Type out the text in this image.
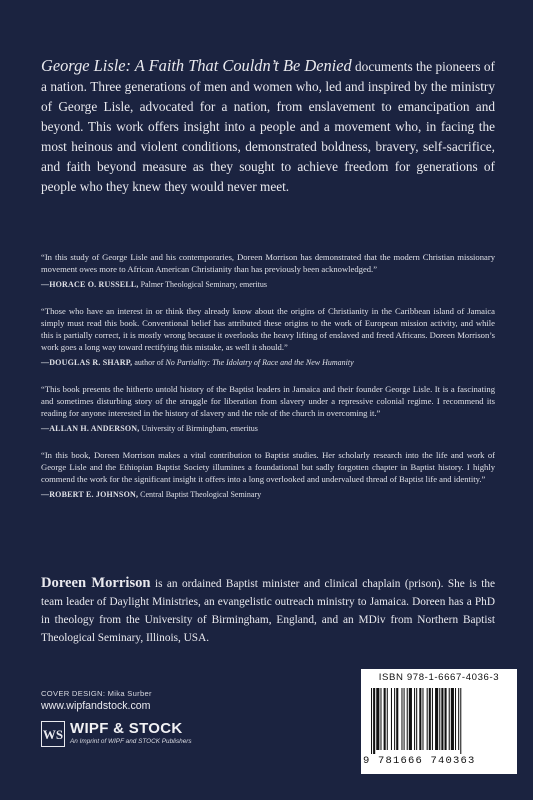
George Lisle: A Faith That Couldn’t Be Denied documents the pioneers of a nation. Three generations of men and women who, led and inspired by the ministry of George Lisle, advocated for a nation, from enslavement to emancipation and beyond. This work offers insight into a people and a movement who, in facing the most heinous and violent conditions, demonstrated boldness, bravery, self-sacrifice, and faith beyond measure as they sought to achieve freedom for generations of people who they knew they would never meet.
“In this study of George Lisle and his contemporaries, Doreen Morrison has demonstrated that the modern Christian missionary movement owes more to African American Christianity than has previously been acknowledged.”
—HORACE O. RUSSELL, Palmer Theological Seminary, emeritus
“Those who have an interest in or think they already know about the origins of Christianity in the Caribbean island of Jamaica simply must read this book. Conventional belief has attributed these origins to the work of European mission activity, and while this is partially correct, it is mostly wrong because it overlooks the heavy lifting of enslaved and freed Africans. Doreen Morrison’s work goes a long way toward rectifying this mistake, as well it should.”
—DOUGLAS R. SHARP, author of No Partiality: The Idolatry of Race and the New Humanity
“This book presents the hitherto untold history of the Baptist leaders in Jamaica and their founder George Lisle. It is a fascinating and sometimes disturbing story of the struggle for liberation from slavery under a repressive colonial regime. I recommend its reading for anyone interested in the history of slavery and the role of the church in overcoming it.”
—ALLAN H. ANDERSON, University of Birmingham, emeritus
“In this book, Doreen Morrison makes a vital contribution to Baptist studies. Her scholarly research into the life and work of George Lisle and the Ethiopian Baptist Society illumines a foundational but sadly forgotten chapter in Baptist history. I highly commend the work for the significant insight it offers into a long overlooked and undervalued thread of Baptist life and identity.”
—ROBERT E. JOHNSON, Central Baptist Theological Seminary
Doreen Morrison is an ordained Baptist minister and clinical chaplain (prison). She is the team leader of Daylight Ministries, an evangelistic outreach ministry to Jamaica. Doreen has a PhD in theology from the University of Birmingham, England, and an MDiv from Northern Baptist Theological Seminary, Illinois, USA.
COVER DESIGN: Mika Surber
www.wipfandstock.com
WS WIPF & STOCK
An Imprint of WIPF and STOCK Publishers
ISBN 978-1-6667-4036-3
9 781666 740363
